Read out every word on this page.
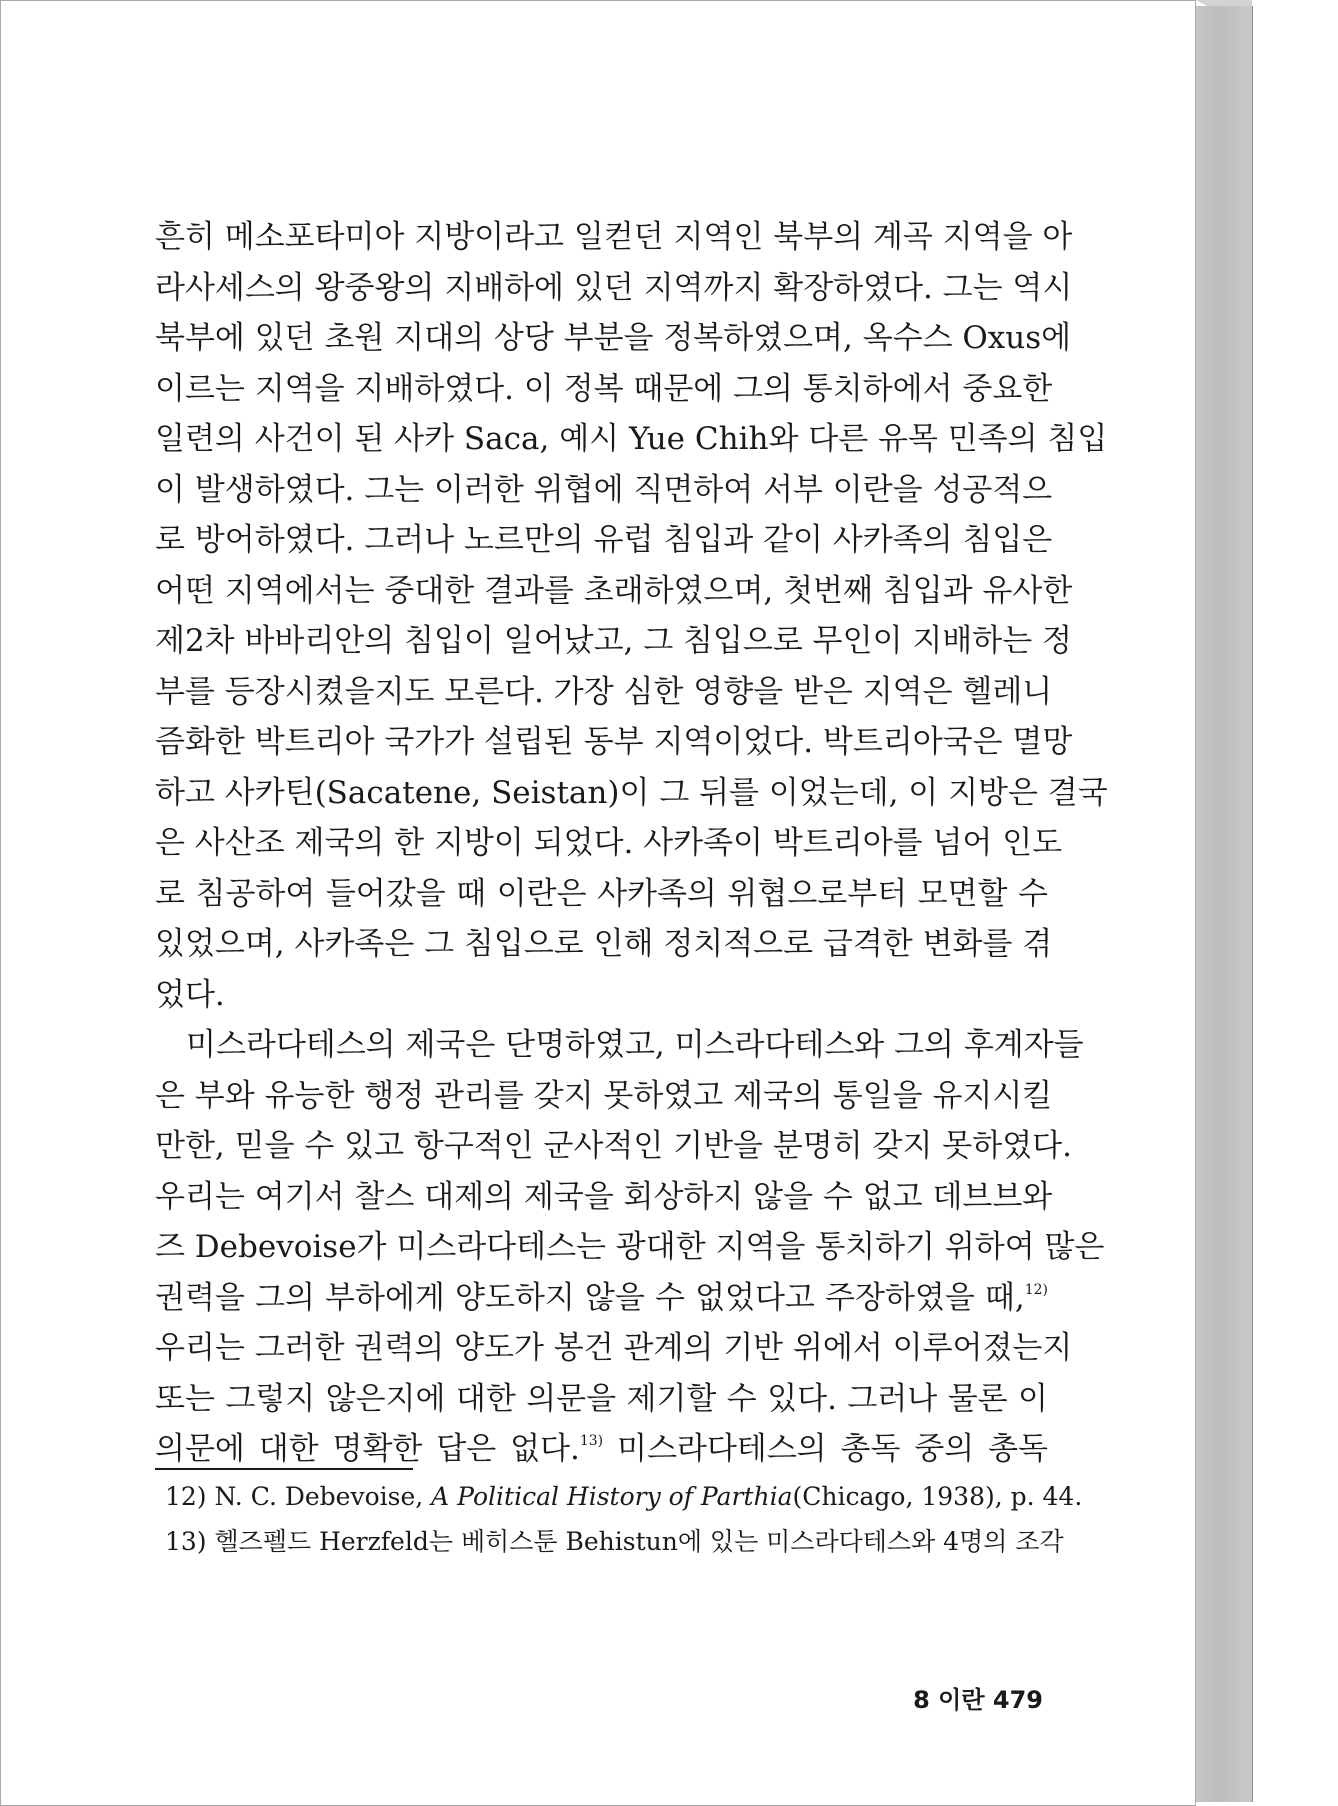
흔히 메소포타미아 지방이라고 일컫던 지역인 북부의 계곡 지역을 아
라사세스의 왕중왕의 지배하에 있던 지역까지 확장하였다. 그는 역시
북부에 있던 초원 지대의 상당 부분을 정복하였으며, 옥수스 Oxus에
이르는 지역을 지배하였다. 이 정복 때문에 그의 통치하에서 중요한
일련의 사건이 된 사카 Saca, 예시 Yue Chih와 다른 유목 민족의 침입
이 발생하였다. 그는 이러한 위협에 직면하여 서부 이란을 성공적으
로 방어하였다. 그러나 노르만의 유럽 침입과 같이 사카족의 침입은
어떤 지역에서는 중대한 결과를 초래하였으며, 첫번째 침입과 유사한
제2차 바바리안의 침입이 일어났고, 그 침입으로 무인이 지배하는 정
부를 등장시켰을지도 모른다. 가장 심한 영향을 받은 지역은 헬레니
즘화한 박트리아 국가가 설립된 동부 지역이었다. 박트리아국은 멸망
하고 사카틴(Sacatene, Seistan)이 그 뒤를 이었는데, 이 지방은 결국
은 사산조 제국의 한 지방이 되었다. 사카족이 박트리아를 넘어 인도
로 침공하여 들어갔을 때 이란은 사카족의 위협으로부터 모면할 수
있었으며, 사카족은 그 침입으로 인해 정치적으로 급격한 변화를 겪
었다.
미스라다테스의 제국은 단명하였고, 미스라다테스와 그의 후계자들
은 부와 유능한 행정 관리를 갖지 못하였고 제국의 통일을 유지시킬
만한, 믿을 수 있고 항구적인 군사적인 기반을 분명히 갖지 못하였다.
우리는 여기서 찰스 대제의 제국을 회상하지 않을 수 없고 데브브와
즈 Debevoise가 미스라다테스는 광대한 지역을 통치하기 위하여 많은
권력을 그의 부하에게 양도하지 않을 수 없었다고 주장하였을 때,$^{12)}$
우리는 그러한 권력의 양도가 봉건 관계의 기반 위에서 이루어졌는지
또는 그렇지 않은지에 대한 의문을 제기할 수 있다. 그러나 물론 이
의문에 대한 명확한 답은 없다.$^{13)}$ 미스라다테스의 총독 중의 총독
12) N. C. Debevoise, A Political History of Parthia(Chicago, 1938), p. 44.
13) 헬즈펠드 Herzfeld는 베히스툰 Behistun에 있는 미스라다테스와 4명의 조각
8 이란 479
